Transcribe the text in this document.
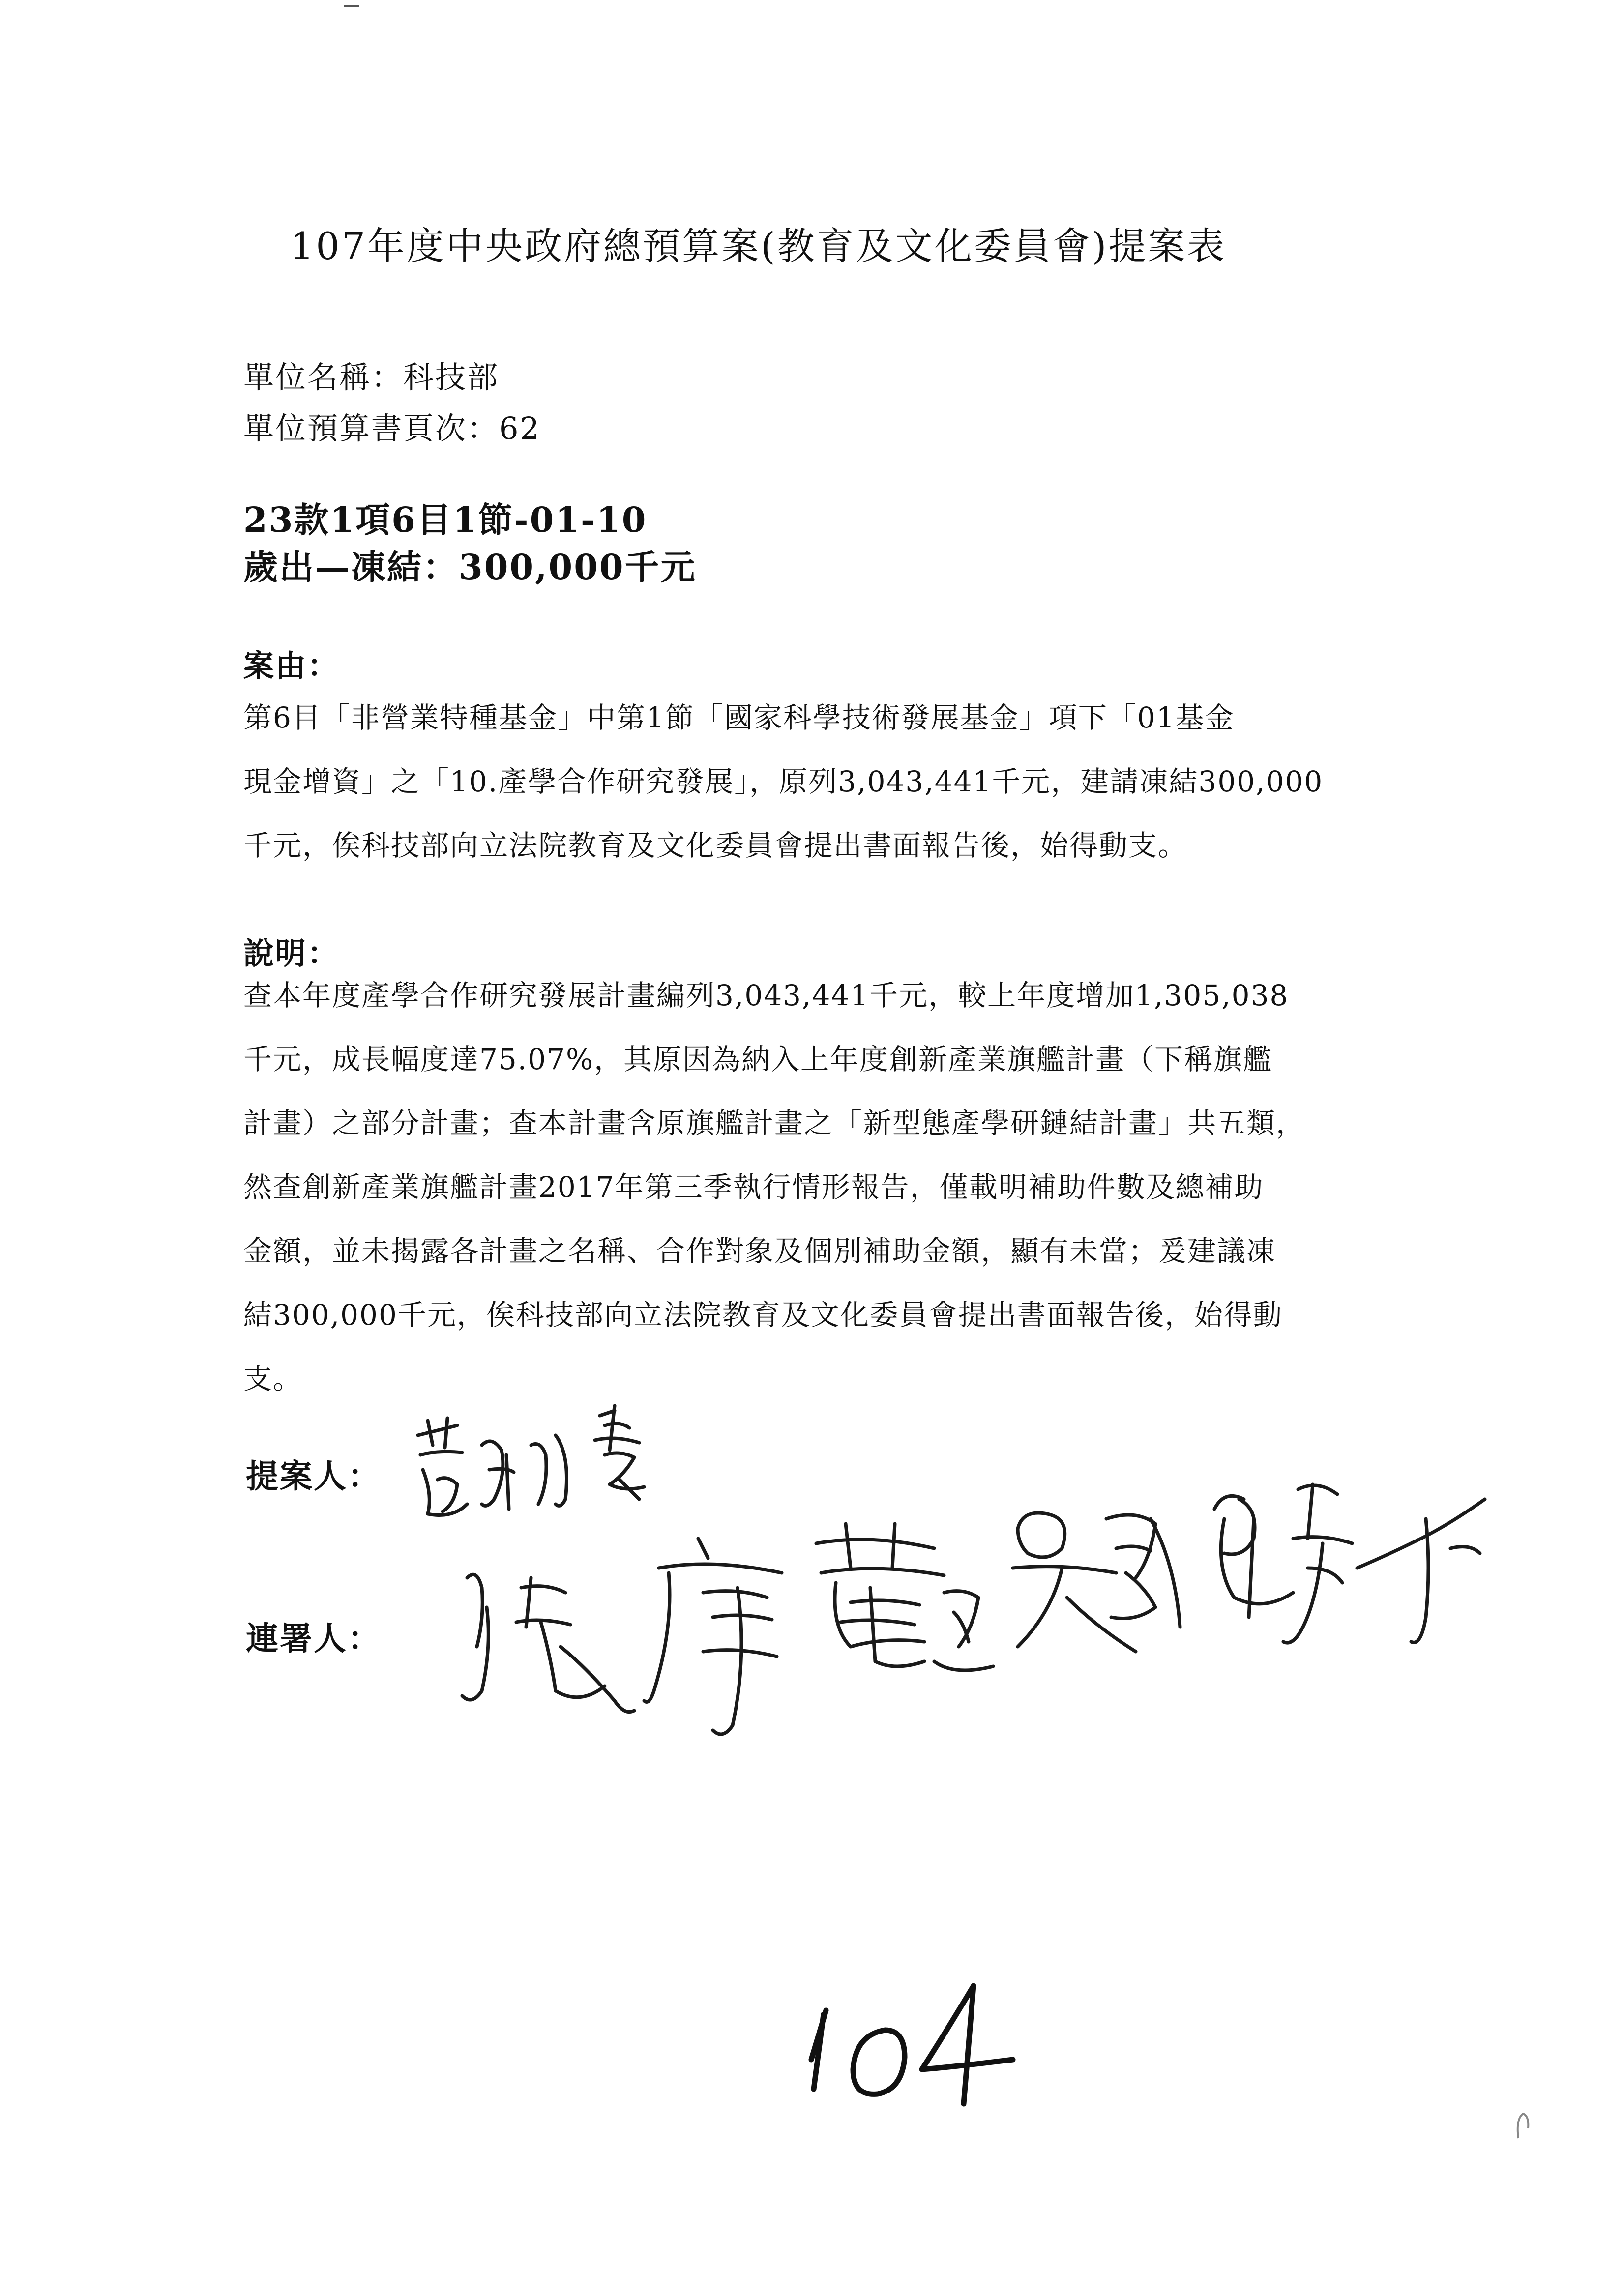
107年度中央政府總預算案(教育及文化委員會)提案表
單位名稱：科技部
單位預算書頁次：62
23款1項6目1節-01-10
歲出—凍結：300,000千元
案由：
第6目「非營業特種基金」中第1節「國家科學技術發展基金」項下「01基金
現金增資」之「10.產學合作研究發展」，原列3,043,441千元，建請凍結300,000
千元，俟科技部向立法院教育及文化委員會提出書面報告後，始得動支。
說明：
查本年度產學合作研究發展計畫編列3,043,441千元，較上年度增加1,305,038
千元，成長幅度達75.07%，其原因為納入上年度創新產業旗艦計畫（下稱旗艦
計畫）之部分計畫；查本計畫含原旗艦計畫之「新型態產學研鏈結計畫」共五類，
然查創新產業旗艦計畫2017年第三季執行情形報告，僅載明補助件數及總補助
金額，並未揭露各計畫之名稱、合作對象及個別補助金額，顯有未當；爰建議凍
結300,000千元，俟科技部向立法院教育及文化委員會提出書面報告後，始得動
支。
提案人：
連署人：
